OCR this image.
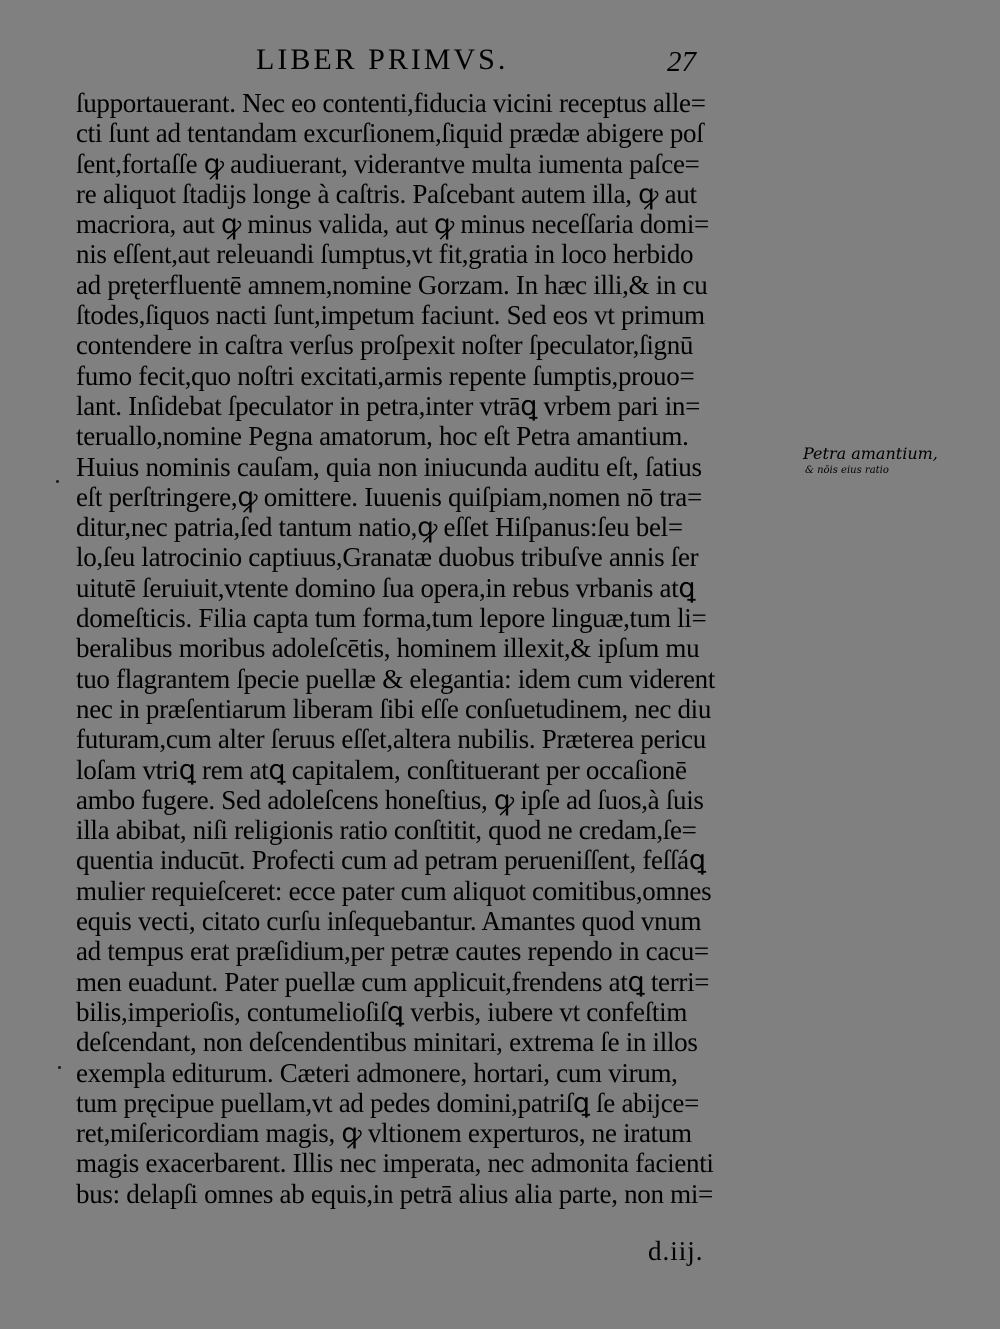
LIBER PRIMVS.	27
ſupportauerant. Nec eo contenti,fiducia vicini receptus alle=
cti ſunt ad tentandam excurſionem,ſiquid prædæ abigere poſ
ſent,fortaſſe ꝙ audiuerant, viderantve multa iumenta paſce=
re aliquot ſtadijs longe à caſtris. Paſcebant autem illa, ꝙ aut
macriora, aut ꝙ minus valida, aut ꝙ minus neceſſaria domi=
nis eſſent,aut releuandi ſumptus,vt fit,gratia in loco herbido
ad pręterfluentē amnem,nomine Gorzam. In hæc illi,& in cu
ſtodes,ſiquos nacti ſunt,impetum faciunt. Sed eos vt primum
contendere in caſtra verſus proſpexit noſter ſpeculator,ſignū
fumo fecit,quo noſtri excitati,armis repente ſumptis,prouo=
lant. Inſidebat ſpeculator in petra,inter vtrāꝗ vrbem pari in=
teruallo,nomine Pegna amatorum, hoc eſt Petra amantium.
Huius nominis cauſam, quia non iniucunda auditu eſt, ſatius
eſt perſtringere,ꝙ omittere. Iuuenis quiſpiam,nomen nō tra=
ditur,nec patria,ſed tantum natio,ꝙ eſſet Hiſpanus:ſeu bel=
lo,ſeu latrocinio captiuus,Granatæ duobus tribuſve annis ſer
uitutē ſeruiuit,vtente domino ſua opera,in rebus vrbanis atꝗ
domeſticis. Filia capta tum forma,tum lepore linguæ,tum li=
beralibus moribus adoleſcētis, hominem illexit,& ipſum mu
tuo flagrantem ſpecie puellæ & elegantia: idem cum viderent
nec in præſentiarum liberam ſibi eſſe conſuetudinem, nec diu
futuram,cum alter ſeruus eſſet,altera nubilis. Præterea pericu
loſam vtriꝗ rem atꝗ capitalem, conſtituerant per occaſionē
ambo fugere. Sed adoleſcens honeſtius, ꝙ ipſe ad ſuos,à ſuis
illa abibat, niſi religionis ratio conſtitit, quod ne credam,ſe=
quentia inducūt. Profecti cum ad petram perueniſſent, feſſáꝗ
mulier requieſceret: ecce pater cum aliquot comitibus,omnes
equis vecti, citato curſu inſequebantur. Amantes quod vnum
ad tempus erat præſidium,per petræ cautes rependo in cacu=
men euadunt. Pater puellæ cum applicuit,frendens atꝗ terri=
bilis,imperioſis, contumelioſiſꝗ verbis, iubere vt confeſtim
deſcendant, non deſcendentibus minitari, extrema ſe in illos
exempla editurum. Cæteri admonere, hortari, cum virum,
tum pręcipue puellam,vt ad pedes domini,patriſꝗ ſe abijce=
ret,miſericordiam magis, ꝙ vltionem experturos, ne iratum
magis exacerbarent. Illis nec imperata, nec admonita facienti
bus: delapſi omnes ab equis,in petrā alius alia parte, non mi=
Petra amantium,
& nōis eius ratio
d.iij.
